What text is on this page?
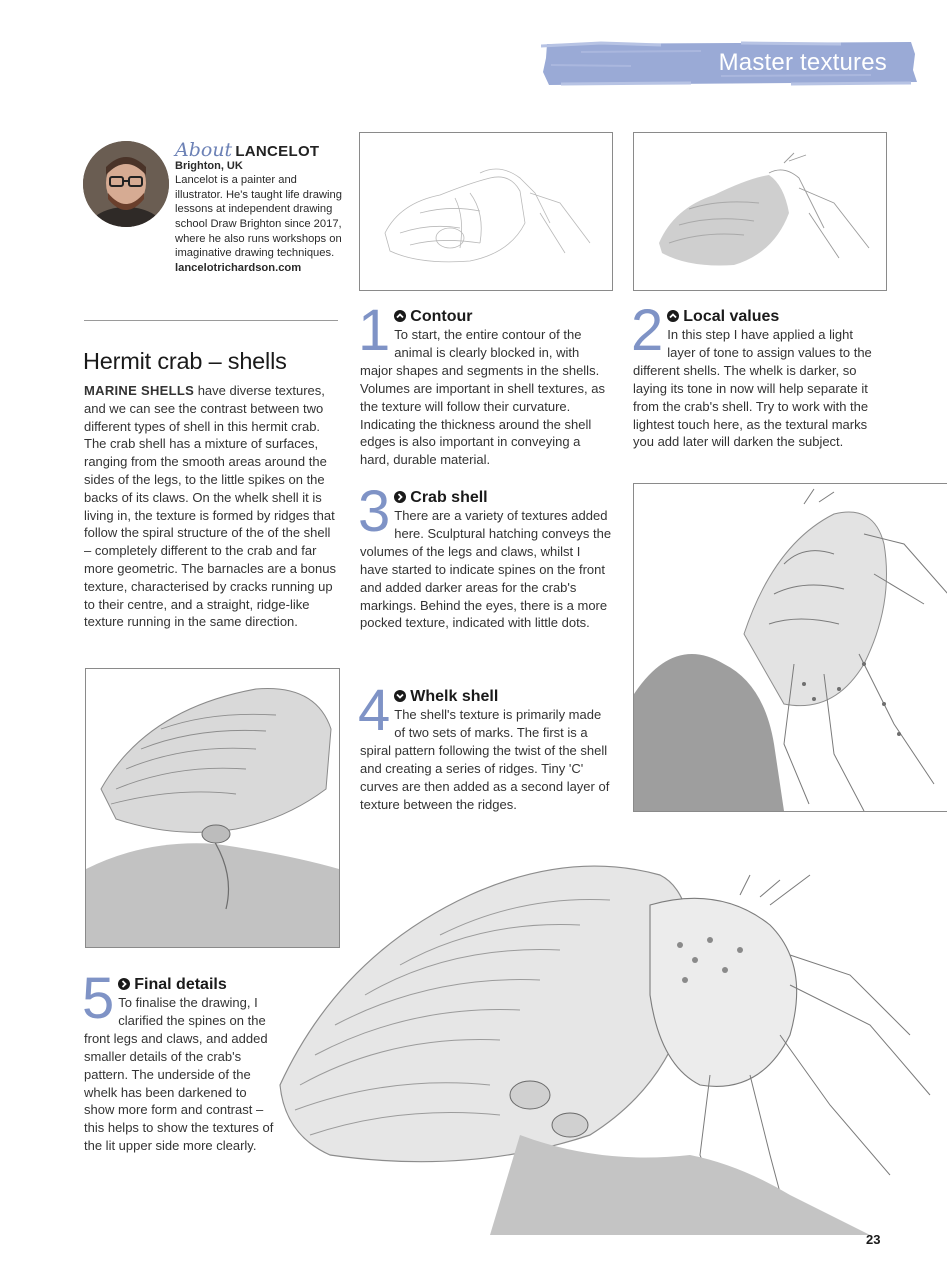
Master textures
About LANCELOT
Brighton, UK
Lancelot is a painter and illustrator. He's taught life drawing lessons at independent drawing school Draw Brighton since 2017, where he also runs workshops on imaginative drawing techniques.
lancelotrichardson.com
Hermit crab – shells
MARINE SHELLS have diverse textures, and we can see the contrast between two different types of shell in this hermit crab. The crab shell has a mixture of surfaces, ranging from the smooth areas around the sides of the legs, to the little spikes on the backs of its claws. On the whelk shell it is living in, the texture is formed by ridges that follow the spiral structure of the of the shell – completely different to the crab and far more geometric. The barnacles are a bonus texture, characterised by cracks running up to their centre, and a straight, ridge-like texture running in the same direction.
1	Contour
To start, the entire contour of the animal is clearly blocked in, with major shapes and segments in the shells. Volumes are important in shell textures, as the texture will follow their curvature. Indicating the thickness around the shell edges is also important in conveying a hard, durable material.
2	Local values
In this step I have applied a light layer of tone to assign values to the different shells. The whelk is darker, so laying its tone in now will help separate it from the crab's shell. Try to work with the lightest touch here, as the textural marks you add later will darken the subject.
3	Crab shell
There are a variety of textures added here. Sculptural hatching conveys the volumes of the legs and claws, whilst I have started to indicate spines on the front and added darker areas for the crab's markings. Behind the eyes, there is a more pocked texture, indicated with little dots.
4	Whelk shell
The shell's texture is primarily made of two sets of marks. The first is a spiral pattern following the twist of the shell and creating a series of ridges. Tiny 'C' curves are then added as a second layer of texture between the ridges.
5	Final details
To finalise the drawing, I clarified the spines on the front legs and claws, and added smaller details of the crab's pattern. The underside of the whelk has been darkened to show more form and contrast – this helps to show the textures of the lit upper side more clearly.
23
